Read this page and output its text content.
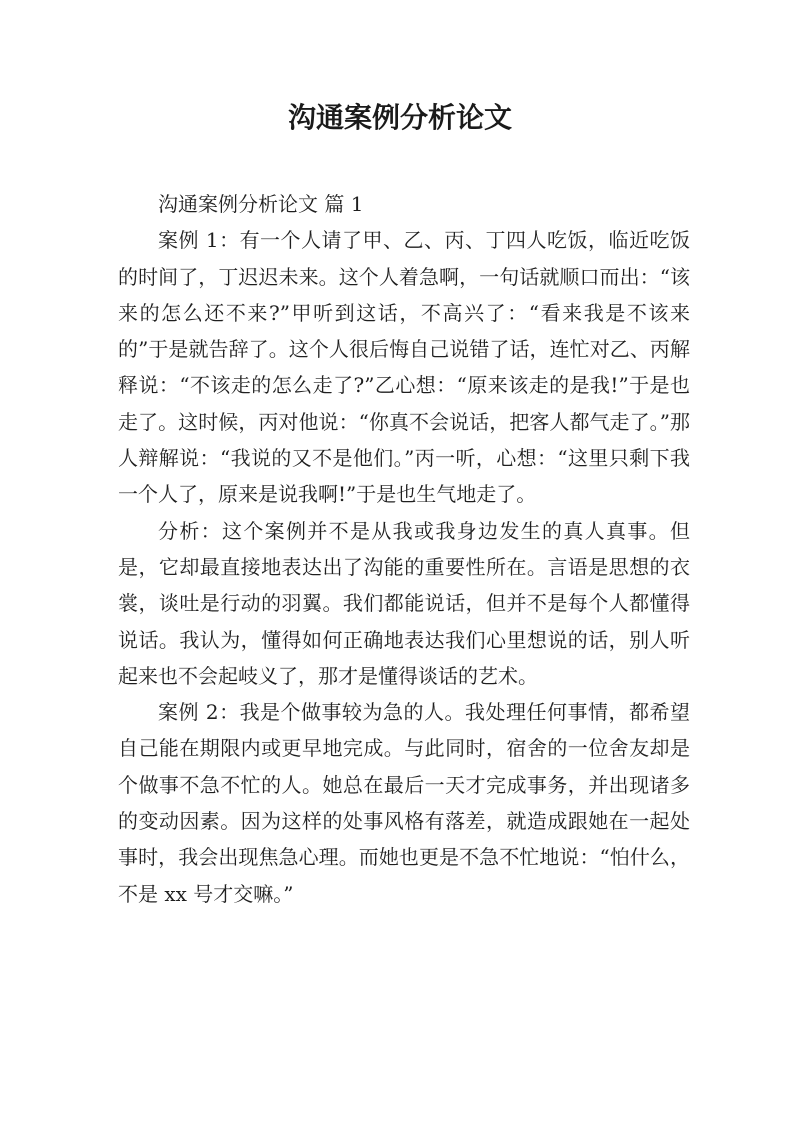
沟通案例分析论文

沟通案例分析论文 篇 1

案例 1：有一个人请了甲、乙、丙、丁四人吃饭，临近吃饭的时间了，丁迟迟未来。这个人着急啊，一句话就顺口而出：“该来的怎么还不来?”甲听到这话，不高兴了：“看来我是不该来的”于是就告辞了。这个人很后悔自己说错了话，连忙对乙、丙解释说：“不该走的怎么走了?”乙心想：“原来该走的是我!”于是也走了。这时候，丙对他说：“你真不会说话，把客人都气走了。”那人辩解说：“我说的又不是他们。”丙一听，心想：“这里只剩下我一个人了，原来是说我啊!”于是也生气地走了。

分析：这个案例并不是从我或我身边发生的真人真事。但是，它却最直接地表达出了沟能的重要性所在。言语是思想的衣裳，谈吐是行动的羽翼。我们都能说话，但并不是每个人都懂得说话。我认为，懂得如何正确地表达我们心里想说的话，别人听起来也不会起岐义了，那才是懂得谈话的艺术。

案例 2：我是个做事较为急的人。我处理任何事情，都希望自己能在期限内或更早地完成。与此同时，宿舍的一位舍友却是个做事不急不忙的人。她总在最后一天才完成事务，并出现诸多的变动因素。因为这样的处事风格有落差，就造成跟她在一起处事时，我会出现焦急心理。而她也更是不急不忙地说：“怕什么，不是 xx 号才交嘛。”
